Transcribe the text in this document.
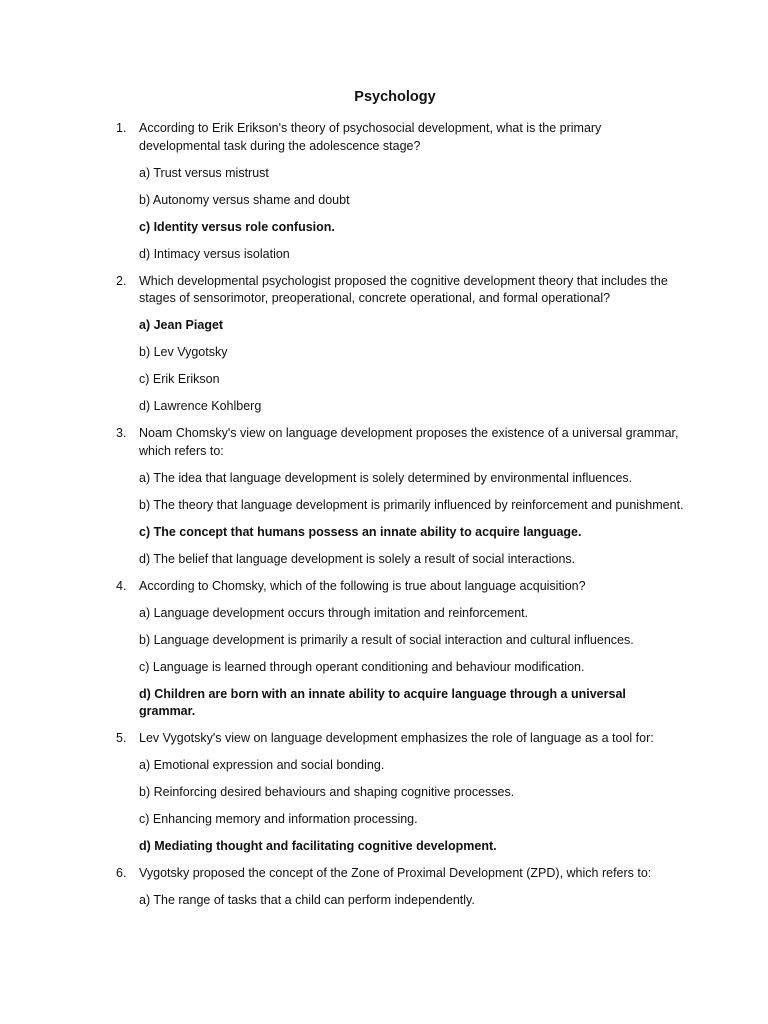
Psychology
1. According to Erik Erikson's theory of psychosocial development, what is the primary developmental task during the adolescence stage?

a) Trust versus mistrust
b) Autonomy versus shame and doubt
c) Identity versus role confusion.
d) Intimacy versus isolation
2. Which developmental psychologist proposed the cognitive development theory that includes the stages of sensorimotor, preoperational, concrete operational, and formal operational?

a) Jean Piaget
b) Lev Vygotsky
c) Erik Erikson
d) Lawrence Kohlberg
3. Noam Chomsky's view on language development proposes the existence of a universal grammar, which refers to:

a) The idea that language development is solely determined by environmental influences.
b) The theory that language development is primarily influenced by reinforcement and punishment.
c) The concept that humans possess an innate ability to acquire language.
d) The belief that language development is solely a result of social interactions.
4. According to Chomsky, which of the following is true about language acquisition?

a) Language development occurs through imitation and reinforcement.
b) Language development is primarily a result of social interaction and cultural influences.
c) Language is learned through operant conditioning and behaviour modification.
d) Children are born with an innate ability to acquire language through a universal grammar.
5. Lev Vygotsky's view on language development emphasizes the role of language as a tool for:

a) Emotional expression and social bonding.
b) Reinforcing desired behaviours and shaping cognitive processes.
c) Enhancing memory and information processing.
d) Mediating thought and facilitating cognitive development.
6. Vygotsky proposed the concept of the Zone of Proximal Development (ZPD), which refers to:

a) The range of tasks that a child can perform independently.
